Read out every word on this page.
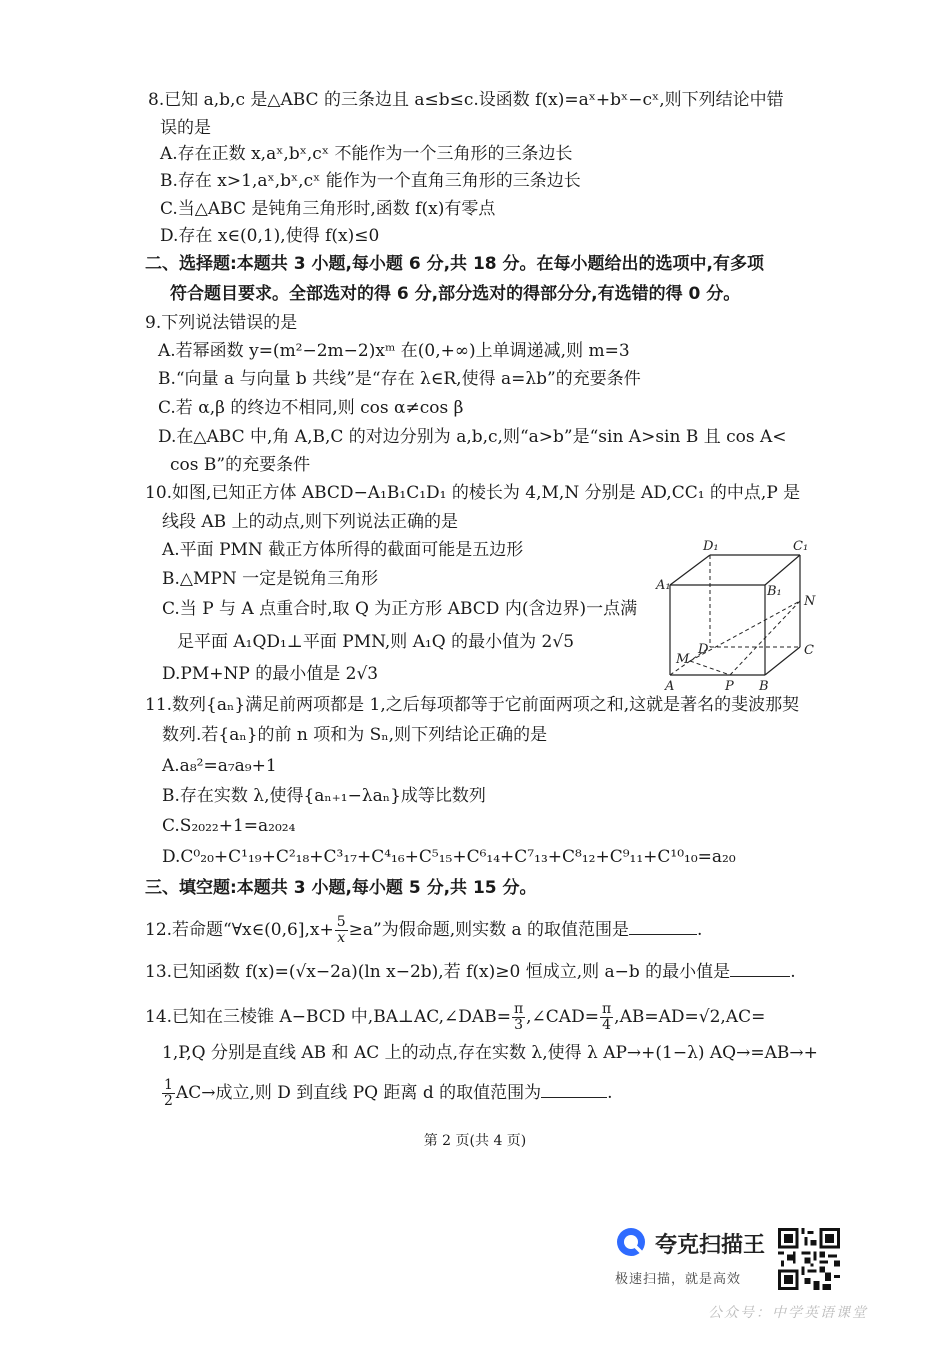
8.已知 a,b,c 是△ABC 的三条边且 a≤b≤c.设函数 f(x)=aˣ+bˣ−cˣ,则下列结论中错
误的是
A.存在正数 x,aˣ,bˣ,cˣ 不能作为一个三角形的三条边长
B.存在 x>1,aˣ,bˣ,cˣ 能作为一个直角三角形的三条边长
C.当△ABC 是钝角三角形时,函数 f(x)有零点
D.存在 x∈(0,1),使得 f(x)≤0
二、选择题:本题共 3 小题,每小题 6 分,共 18 分。在每小题给出的选项中,有多项
符合题目要求。全部选对的得 6 分,部分选对的得部分分,有选错的得 0 分。
9.下列说法错误的是
A.若幂函数 y=(m²−2m−2)xᵐ 在(0,+∞)上单调递减,则 m=3
B.“向量 a 与向量 b 共线”是“存在 λ∈R,使得 a=λb”的充要条件
C.若 α,β 的终边不相同,则 cos α≠cos β
D.在△ABC 中,角 A,B,C 的对边分别为 a,b,c,则“a>b”是“sin A>sin B 且 cos A<
cos B”的充要条件
10.如图,已知正方体 ABCD−A₁B₁C₁D₁ 的棱长为 4,M,N 分别是 AD,CC₁ 的中点,P 是
线段 AB 上的动点,则下列说法正确的是
A.平面 PMN 截正方体所得的截面可能是五边形
B.△MPN 一定是锐角三角形
C.当 P 与 A 点重合时,取 Q 为正方形 ABCD 内(含边界)一点满
足平面 A₁QD₁⊥平面 PMN,则 A₁Q 的最小值为 2√5
D.PM+NP 的最小值是 2√3
D₁	C₁
A₁	B₁
N
D	C
M
A	P B
11.数列{aₙ}满足前两项都是 1,之后每项都等于它前面两项之和,这就是著名的斐波那契
数列.若{aₙ}的前 n 项和为 Sₙ,则下列结论正确的是
A.a₈²=a₇a₉+1
B.存在实数 λ,使得{aₙ₊₁−λaₙ}成等比数列
C.S₂₀₂₂+1=a₂₀₂₄
D.C⁰₂₀+C¹₁₉+C²₁₈+C³₁₇+C⁴₁₆+C⁵₁₅+C⁶₁₄+C⁷₁₃+C⁸₁₂+C⁹₁₁+C¹⁰₁₀=a₂₀
三、填空题:本题共 3 小题,每小题 5 分,共 15 分。
12.若命题“∀x∈(0,6],x+ $\frac{5}{x} \ge a$”为假命题,则实数 a 的取值范围是	.
13.已知函数 f(x)=(√x−2a)(ln x−2b),若 f(x)≥0 恒成立,则 a−b 的最小值是	.
14.已知在三棱锥 A−BCD 中,BA⊥AC,∠DAB= $\frac{\pi}{3}$ ,∠CAD= $\frac{\pi}{4} ,AB=AD=√2,AC=$
1,P,Q 分别是直线 AB 和 AC 上的动点,存在实数 λ,使得 λ AP→+(1−λ) AQ→=AB→+
$\frac{1}{2} AC\to$成立,则 D 到直线 PQ 距离 d 的取值范围为	.
第 2 页(共 4 页)
夸克扫描王
极速扫描，就是高效
公众号：中学英语课堂
